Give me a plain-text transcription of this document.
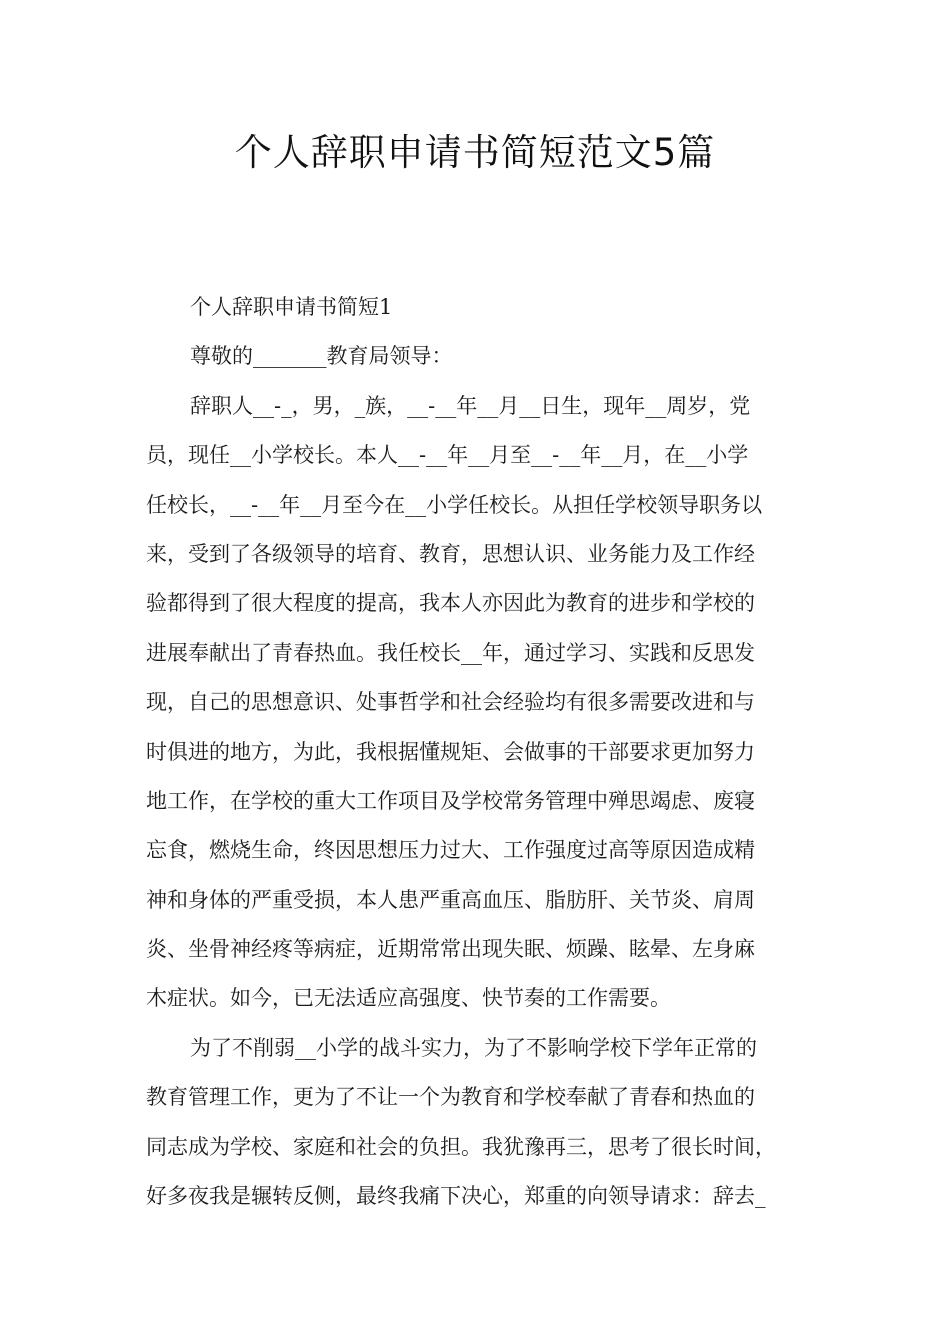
个人辞职申请书简短范文5篇
个人辞职申请书简短1
尊敬的_______教育局领导：
辞职人__-_，男，_族，__-__年__月__日生，现年__周岁，党
员，现任__小学校长。本人__-__年__月至__-__年__月，在__小学
任校长，__-__年__月至今在__小学任校长。从担任学校领导职务以
来，受到了各级领导的培育、教育，思想认识、业务能力及工作经
验都得到了很大程度的提高，我本人亦因此为教育的进步和学校的
进展奉献出了青春热血。我任校长__年，通过学习、实践和反思发
现，自己的思想意识、处事哲学和社会经验均有很多需要改进和与
时俱进的地方，为此，我根据懂规矩、会做事的干部要求更加努力
地工作，在学校的重大工作项目及学校常务管理中殚思竭虑、废寝
忘食，燃烧生命，终因思想压力过大、工作强度过高等原因造成精
神和身体的严重受损，本人患严重高血压、脂肪肝、关节炎、肩周
炎、坐骨神经疼等病症，近期常常出现失眠、烦躁、眩晕、左身麻
木症状。如今，已无法适应高强度、快节奏的工作需要。
为了不削弱__小学的战斗实力，为了不影响学校下学年正常的
教育管理工作，更为了不让一个为教育和学校奉献了青春和热血的
同志成为学校、家庭和社会的负担。我犹豫再三，思考了很长时间，
好多夜我是辗转反侧，最终我痛下决心，郑重的向领导请求：辞去_
